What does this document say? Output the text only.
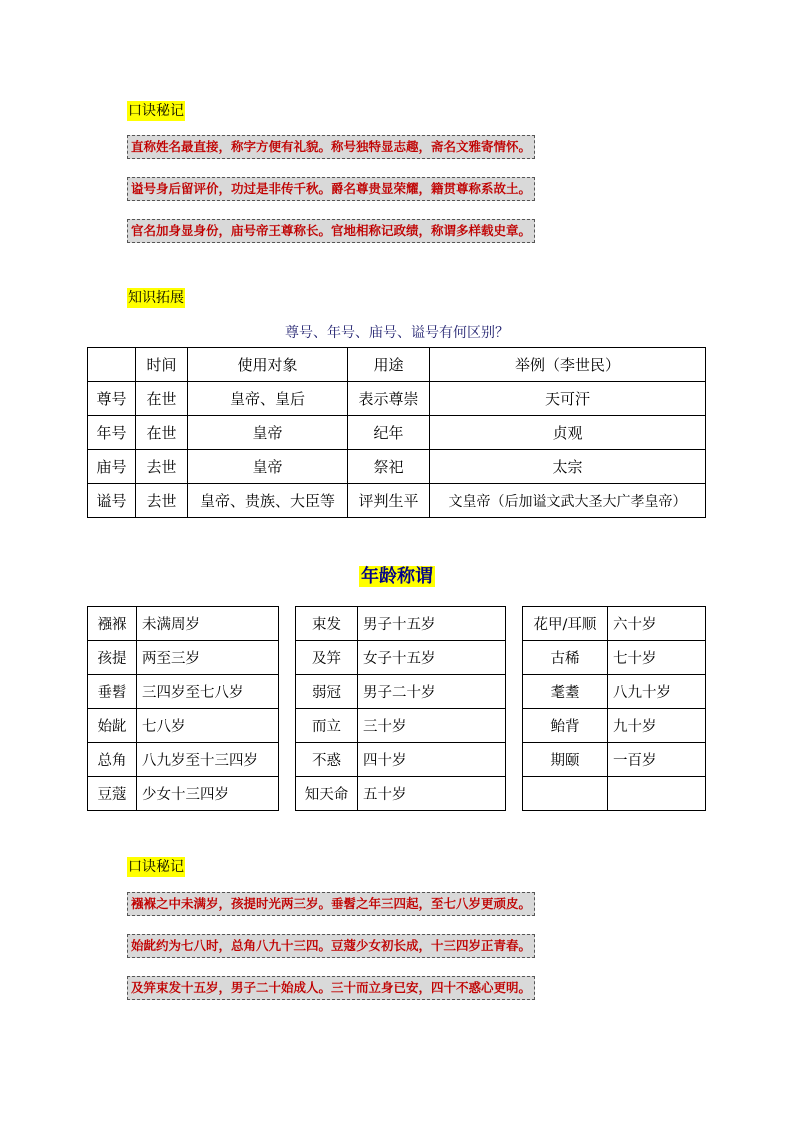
口诀秘记
直称姓名最直接，称字方便有礼貌。称号独特显志趣，斋名文雅寄情怀。
谥号身后留评价，功过是非传千秋。爵名尊贵显荣耀，籍贯尊称系故土。
官名加身显身份，庙号帝王尊称长。官地相称记政绩，称谓多样载史章。
知识拓展
尊号、年号、庙号、谥号有何区别？
	时间	使用对象	用途	举例（李世民）
尊号	在世	皇帝、皇后	表示尊崇	天可汗
年号	在世	皇帝	纪年	贞观
庙号	去世	皇帝	祭祀	太宗
谥号	去世	皇帝、贵族、大臣等	评判生平	文皇帝（后加谥文武大圣大广孝皇帝）
年龄称谓
襁褓	未满周岁
孩提	两至三岁
垂髫	三四岁至七八岁
始龀	七八岁
总角	八九岁至十三四岁
豆蔻	少女十三四岁
束发	男子十五岁
及笄	女子十五岁
弱冠	男子二十岁
而立	三十岁
不惑	四十岁
知天命	五十岁
花甲/耳顺	六十岁
古稀	七十岁
耄耋	八九十岁
鲐背	九十岁
期颐	一百岁

口诀秘记
襁褓之中未满岁，孩提时光两三岁。垂髫之年三四起，至七八岁更顽皮。
始龀约为七八时，总角八九十三四。豆蔻少女初长成，十三四岁正青春。
及笄束发十五岁，男子二十始成人。三十而立身已安，四十不惑心更明。
